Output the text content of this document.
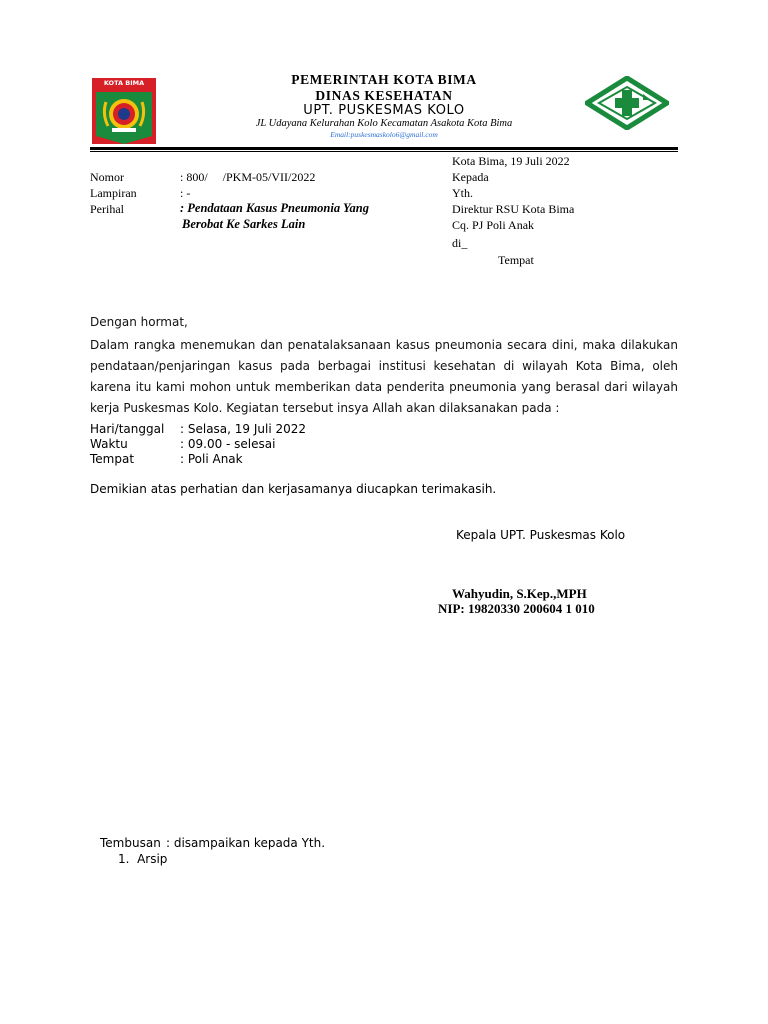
KOTA BIMA	PEMERINTAH KOTA BIMA
DINAS KESEHATAN
UPT. PUSKESMAS KOLO
JL Udayana Kelurahan Kolo Kecamatan Asakota Kota Bima
Email:puskesmaskolo6@gmail.com
Kota Bima, 19 Juli 2022
Kepada
Yth.
Direktur RSU Kota Bima
Cq. PJ Poli Anak
di_
Tempat
Nomor	: 800/     /PKM-05/VII/2022
Lampiran	: -
Perihal	: Pendataan Kasus Pneumonia Yang
Berobat Ke Sarkes Lain
Dengan hormat,
Dalam rangka menemukan dan penatalaksanaan kasus pneumonia secara dini, maka dilakukan pendataan/penjaringan kasus pada berbagai institusi kesehatan di wilayah Kota Bima, oleh karena itu kami mohon untuk memberikan data penderita pneumonia yang berasal dari wilayah kerja Puskesmas Kolo. Kegiatan tersebut insya Allah akan dilaksanakan pada :
Hari/tanggal : Selasa, 19 Juli 2022
Waktu	: 09.00 - selesai
Tempat	: Poli Anak
Demikian atas perhatian dan kerjasamanya diucapkan terimakasih.
Kepala UPT. Puskesmas Kolo
Wahyudin, S.Kep.,MPH
NIP: 19820330 200604 1 010
Tembusan : disampaikan kepada Yth.
1.  Arsip
